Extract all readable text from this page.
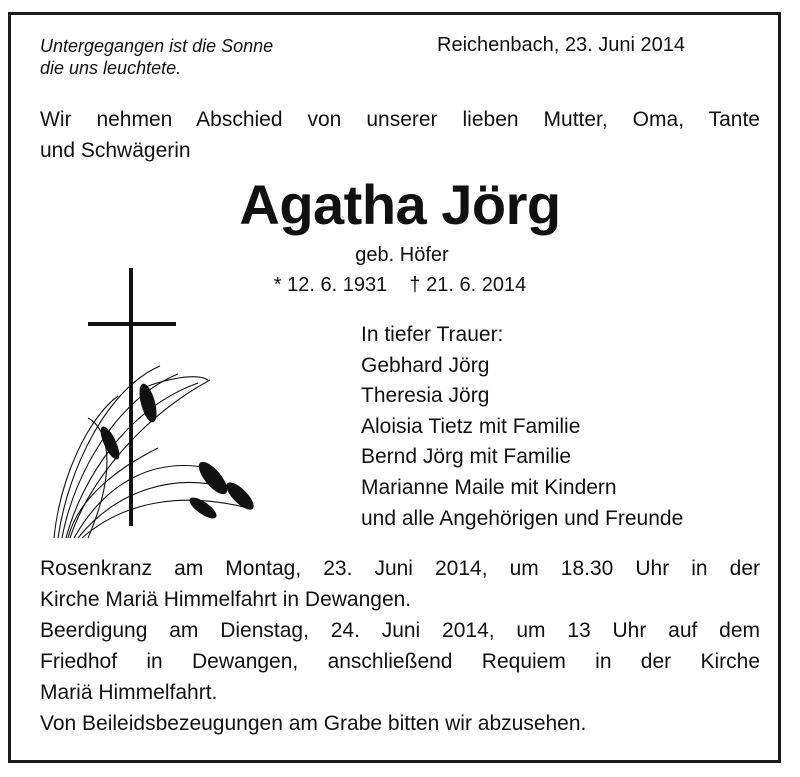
Untergegangen ist die Sonne
die uns leuchtete.
Reichenbach, 23. Juni 2014
Wir nehmen Abschied von unserer lieben Mutter, Oma, Tante
und Schwägerin
Agatha Jörg
geb. Höfer
* 12. 6. 1931    † 21. 6. 2014
In tiefer Trauer:
Gebhard Jörg
Theresia Jörg
Aloisia Tietz mit Familie
Bernd Jörg mit Familie
Marianne Maile mit Kindern
und alle Angehörigen und Freunde
Rosenkranz am Montag, 23. Juni 2014, um 18.30 Uhr in der
Kirche Mariä Himmelfahrt in Dewangen.
Beerdigung am Dienstag, 24. Juni 2014, um 13 Uhr auf dem
Friedhof in Dewangen, anschließend Requiem in der Kirche
Mariä Himmelfahrt.
Von Beileidsbezeugungen am Grabe bitten wir abzusehen.
